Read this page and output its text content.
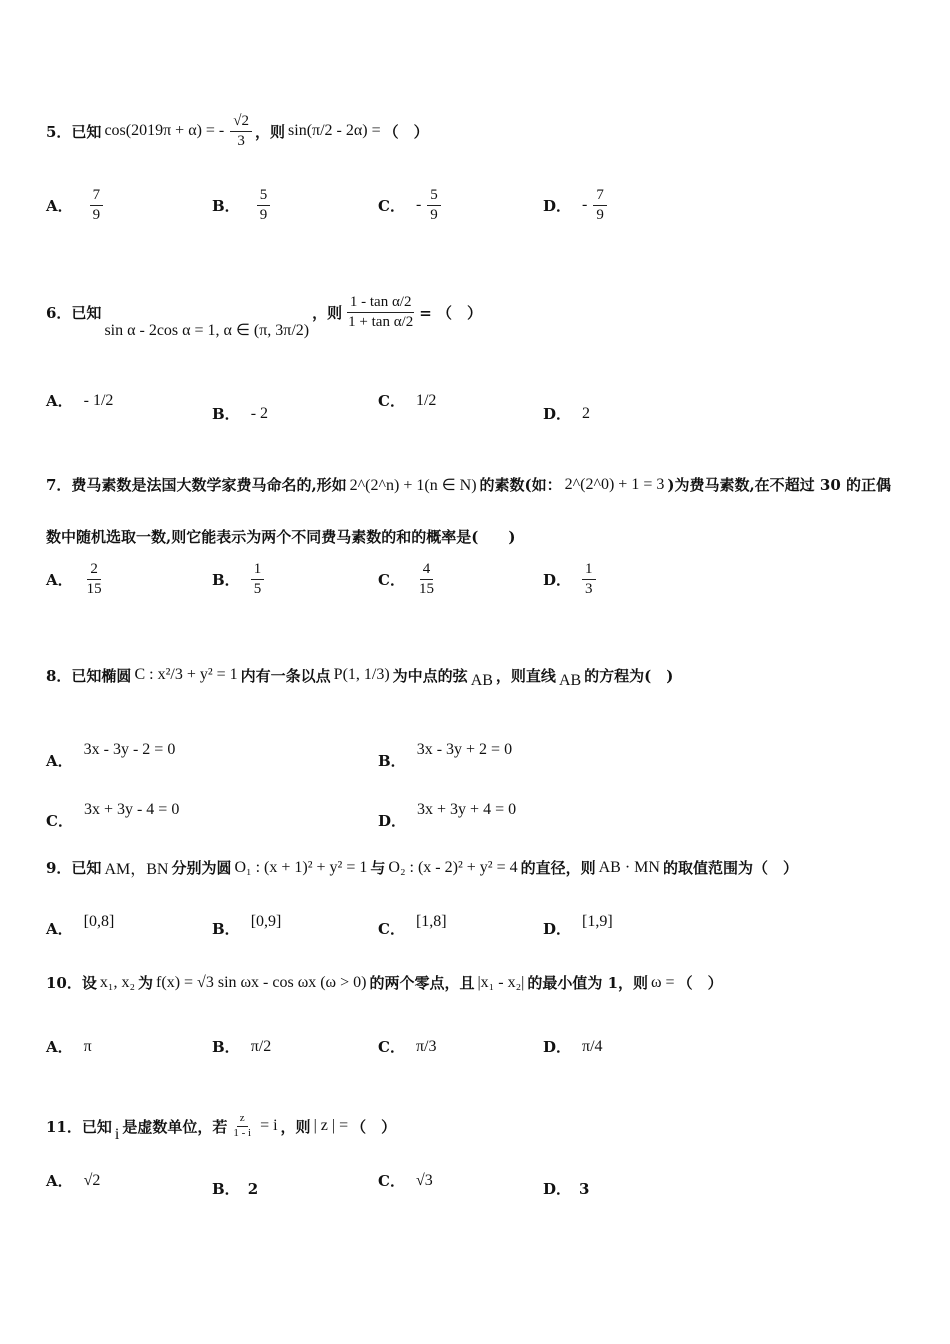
5．已知 cos(2019π + α) = - $\frac{√2}{3}$ ，则 sin(π/2 - 2α) = （　）
A． $\frac{7}{9}$	B． $\frac{5}{9}$	C． - $\frac{5}{9}$	D． - $\frac{7}{9}$
6．已知
sin α - 2cos α = 1, α ∈ (π, 3π/2)
，则 $\frac{\text{1 - tan α/2}}{\text{1 + tan α/2}}$ = （　）
A． - 1/2
B． - 2
C． 1/2
D． 2
7．费马素数是法国大数学家费马命名的,形如 2^(2^n) + 1(n ∈ N) 的素数(如： 2^(2^0) + 1 = 3 )为费马素数,在不超过 30 的正偶
数中随机选取一数,则它能表示为两个不同费马素数的和的概率是(　　)
A． $\frac{2}{15}$	B． $\frac{1}{5}$	C． $\frac{4}{15}$	D． $\frac{1}{3}$
8．已知椭圆 C : x²/3 + y² = 1 内有一条以点 P(1, 1/3) 为中点的弦 AB ，则直线 AB 的方程为(　)
A．
3x - 3y - 2 = 0
B．
3x - 3y + 2 = 0
C．
3x + 3y - 4 = 0
D．
3x + 3y + 4 = 0
9．已知 AM，BN 分别为圆 O₁ : (x + 1)² + y² = 1 与 O₂ : (x - 2)² + y² = 4 的直径，则 AB · MN 的取值范围为（　）
A． [0,8]	B． [0,9]	C． [1,8]	D． [1,9]
10．设 x₁, x₂ 为 f(x) = √3 sin ωx - cos ωx (ω > 0) 的两个零点，且 |x₁ - x₂| 的最小值为 1，则 ω = （　）
A． π	B． π/2	C． π/3	D． π/4
11．已知 i 是虚数单位，若 $\frac{z}{1 - i} = i$ ，则 | z | = （　）
A． √2	B． 2	C． √3	D． 3
